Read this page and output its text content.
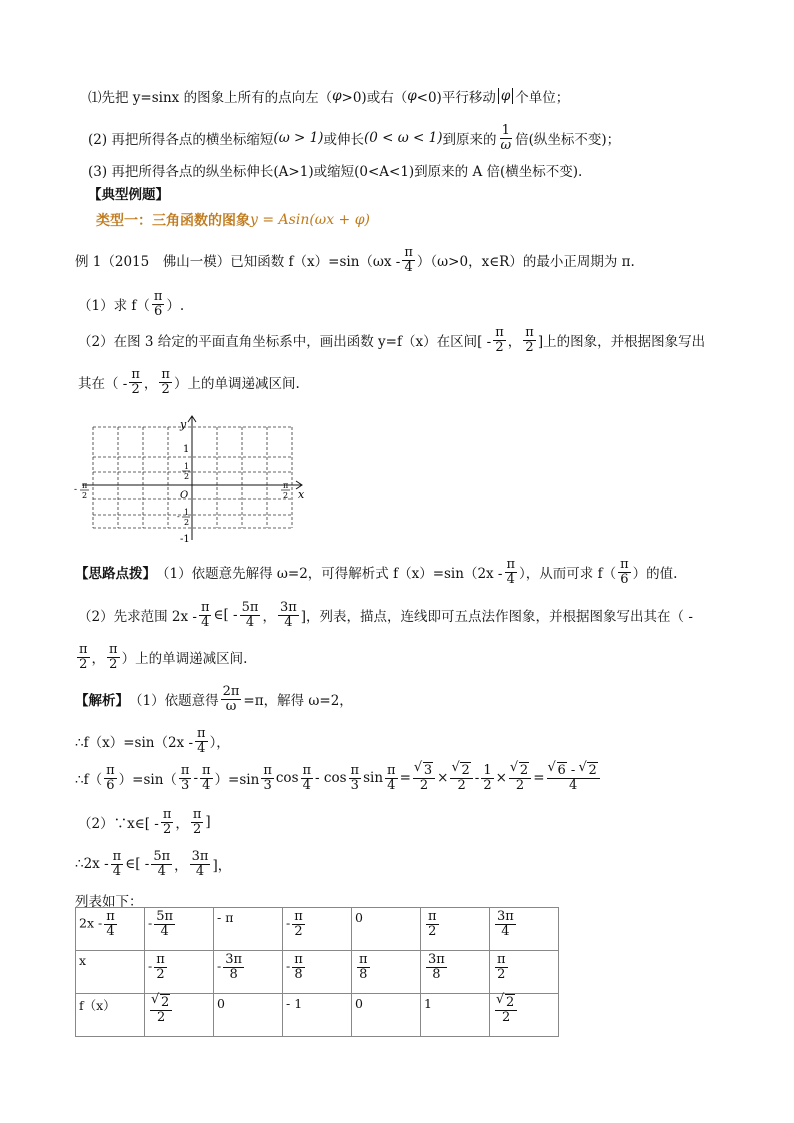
⑴先把 y=sinx 的图象上所有的点向左（ φ >0)或右（ φ <0)平行移动 φ 个单位；
(2) 再把所得各点的横坐标缩短 (ω > 1) 或伸长 (0 < ω < 1) 到原来的 $\frac{1}{\omega}$ 倍(纵坐标不变)；
(3) 再把所得各点的纵坐标伸长(A>1)或缩短(0<A<1)到原来的 A 倍(横坐标不变).
【典型例题】
类型一：三角函数的图象 y = Asin(ωx + φ)
例 1（2015　佛山一模）已知函数 $f(x)=\sin(\omega x - \frac{\pi}{4} )(\omega>0$，x∈R）的最小正周期为 π.
（1）求 $f( \frac{\pi}{6}$ ）.
（2）在图 3 给定的平面直角坐标系中，画出函数 y=f（x）在区间[ - $\frac{\pi}{2}$ ， $\frac{\pi}{2}$ ]上的图象，并根据图象写出
其在（ - $\frac{\pi}{2}$ ， $\frac{\pi}{2}$ ）上的单调递减区间.
y
x
O
1
1
2
- 1
2
-1
- π
2
π
2
【思路点拨】 （1）依题意先解得 ω=2，可得解析式 $f(x)=\sin(2x - \frac{\pi}{4}$ ），从而可求 $f( \frac{\pi}{6}$ ）的值.
（2）先求范围 $2x - \frac{\pi}{4}$ ∈[ - $\frac{5\pi}{4}$ ， $\frac{3\pi}{4}$ ]，列表，描点，连线即可五点法作图象，并根据图象写出其在（ -
$\frac{\pi}{2}$ ， $\frac{\pi}{2}$ ）上的单调递减区间.
【解析】 （1）依题意得 $\frac{2\pi}{\omega} =\pi$，解得 ω=2，
∴f（x）=sin（2x - $\frac{\pi}{4}$ ），
∴f（ $\frac{\pi}{6} )=\sin( \frac{\pi}{3} - \frac{\pi}{4} )=\sin \frac{\pi}{3}$ $\cos \frac{\pi}{4}$ - $\cos \frac{\pi}{3}$ $\sin \frac{\pi}{4}$ = √ $\frac{3}{2}$ × √ $\frac{2}{2} - \frac{1}{2}$ × √ $\frac{2}{2}$ = √ $\frac{6 - √ 2}{4}$
（2）∵x∈[ - $\frac{\pi}{2}$ ， $\frac{\pi}{2}$ ]
∴2x - $\frac{\pi}{4}$ ∈[ - $\frac{5\pi}{4}$ ， $\frac{3\pi}{4}$ ]，
列表如下：
$2x - \frac{\pi}{4}$	- $\frac{5\pi}{4}$	- π	- $\frac{\pi}{2}$	0	$\frac{\pi}{2}$	$\frac{3\pi}{4}$

x	- $\frac{\pi}{2}$	- $\frac{3\pi}{8}$	- $\frac{\pi}{8}$	$\frac{\pi}{8}$	$\frac{3\pi}{8}$	$\frac{\pi}{2}$

f（x）	√ $\frac{2}{2}$	0	- 1	0	1	√ $\frac{2}{2}$
